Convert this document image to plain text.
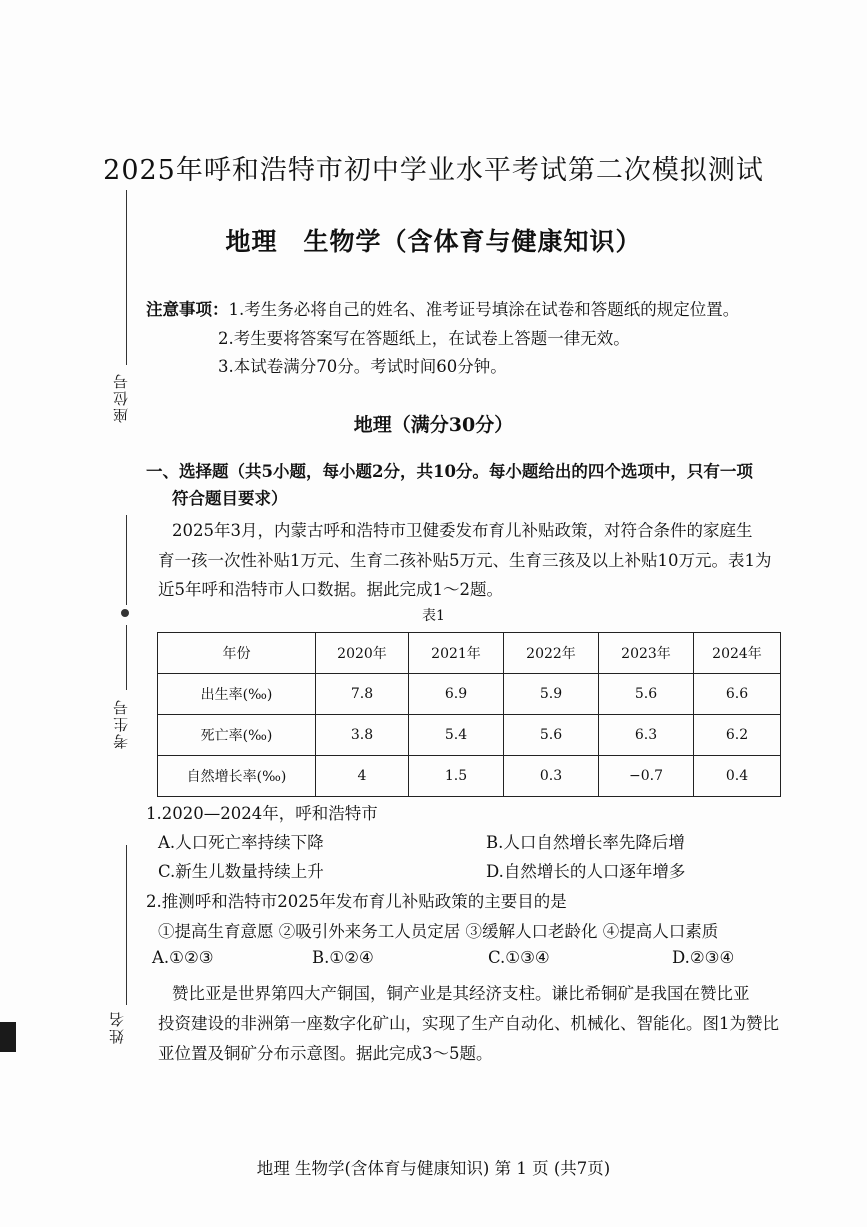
2025年呼和浩特市初中学业水平考试第二次模拟测试
地理　生物学（含体育与健康知识）
注意事项：1.考生务必将自己的姓名、准考证号填涂在试卷和答题纸的规定位置。
2.考生要将答案写在答题纸上，在试卷上答题一律无效。
3.本试卷满分70分。考试时间60分钟。
座位号
考生号
姓名
地理（满分30分）
一、选择题（共5小题，每小题2分，共10分。每小题给出的四个选项中，只有一项
符合题目要求）
2025年3月，内蒙古呼和浩特市卫健委发布育儿补贴政策，对符合条件的家庭生
育一孩一次性补贴1万元、生育二孩补贴5万元、生育三孩及以上补贴10万元。表1为
近5年呼和浩特市人口数据。据此完成1～2题。
表1
年份	2020年	2021年	2022年	2023年	2024年
出生率(‰)	7.8	6.9	5.9	5.6	6.6
死亡率(‰)	3.8	5.4	5.6	6.3	6.2
自然增长率(‰)	4	1.5	0.3	−0.7	0.4
1.2020—2024年，呼和浩特市
A.人口死亡率持续下降	B.人口自然增长率先降后增
C.新生儿数量持续上升	D.自然增长的人口逐年增多
2.推测呼和浩特市2025年发布育儿补贴政策的主要目的是
①提高生育意愿 ②吸引外来务工人员定居 ③缓解人口老龄化 ④提高人口素质
A.①②③	B.①②④	C.①③④	D.②③④
赞比亚是世界第四大产铜国，铜产业是其经济支柱。谦比希铜矿是我国在赞比亚
投资建设的非洲第一座数字化矿山，实现了生产自动化、机械化、智能化。图1为赞比
亚位置及铜矿分布示意图。据此完成3～5题。
地理 生物学(含体育与健康知识) 第 1 页 (共7页)
